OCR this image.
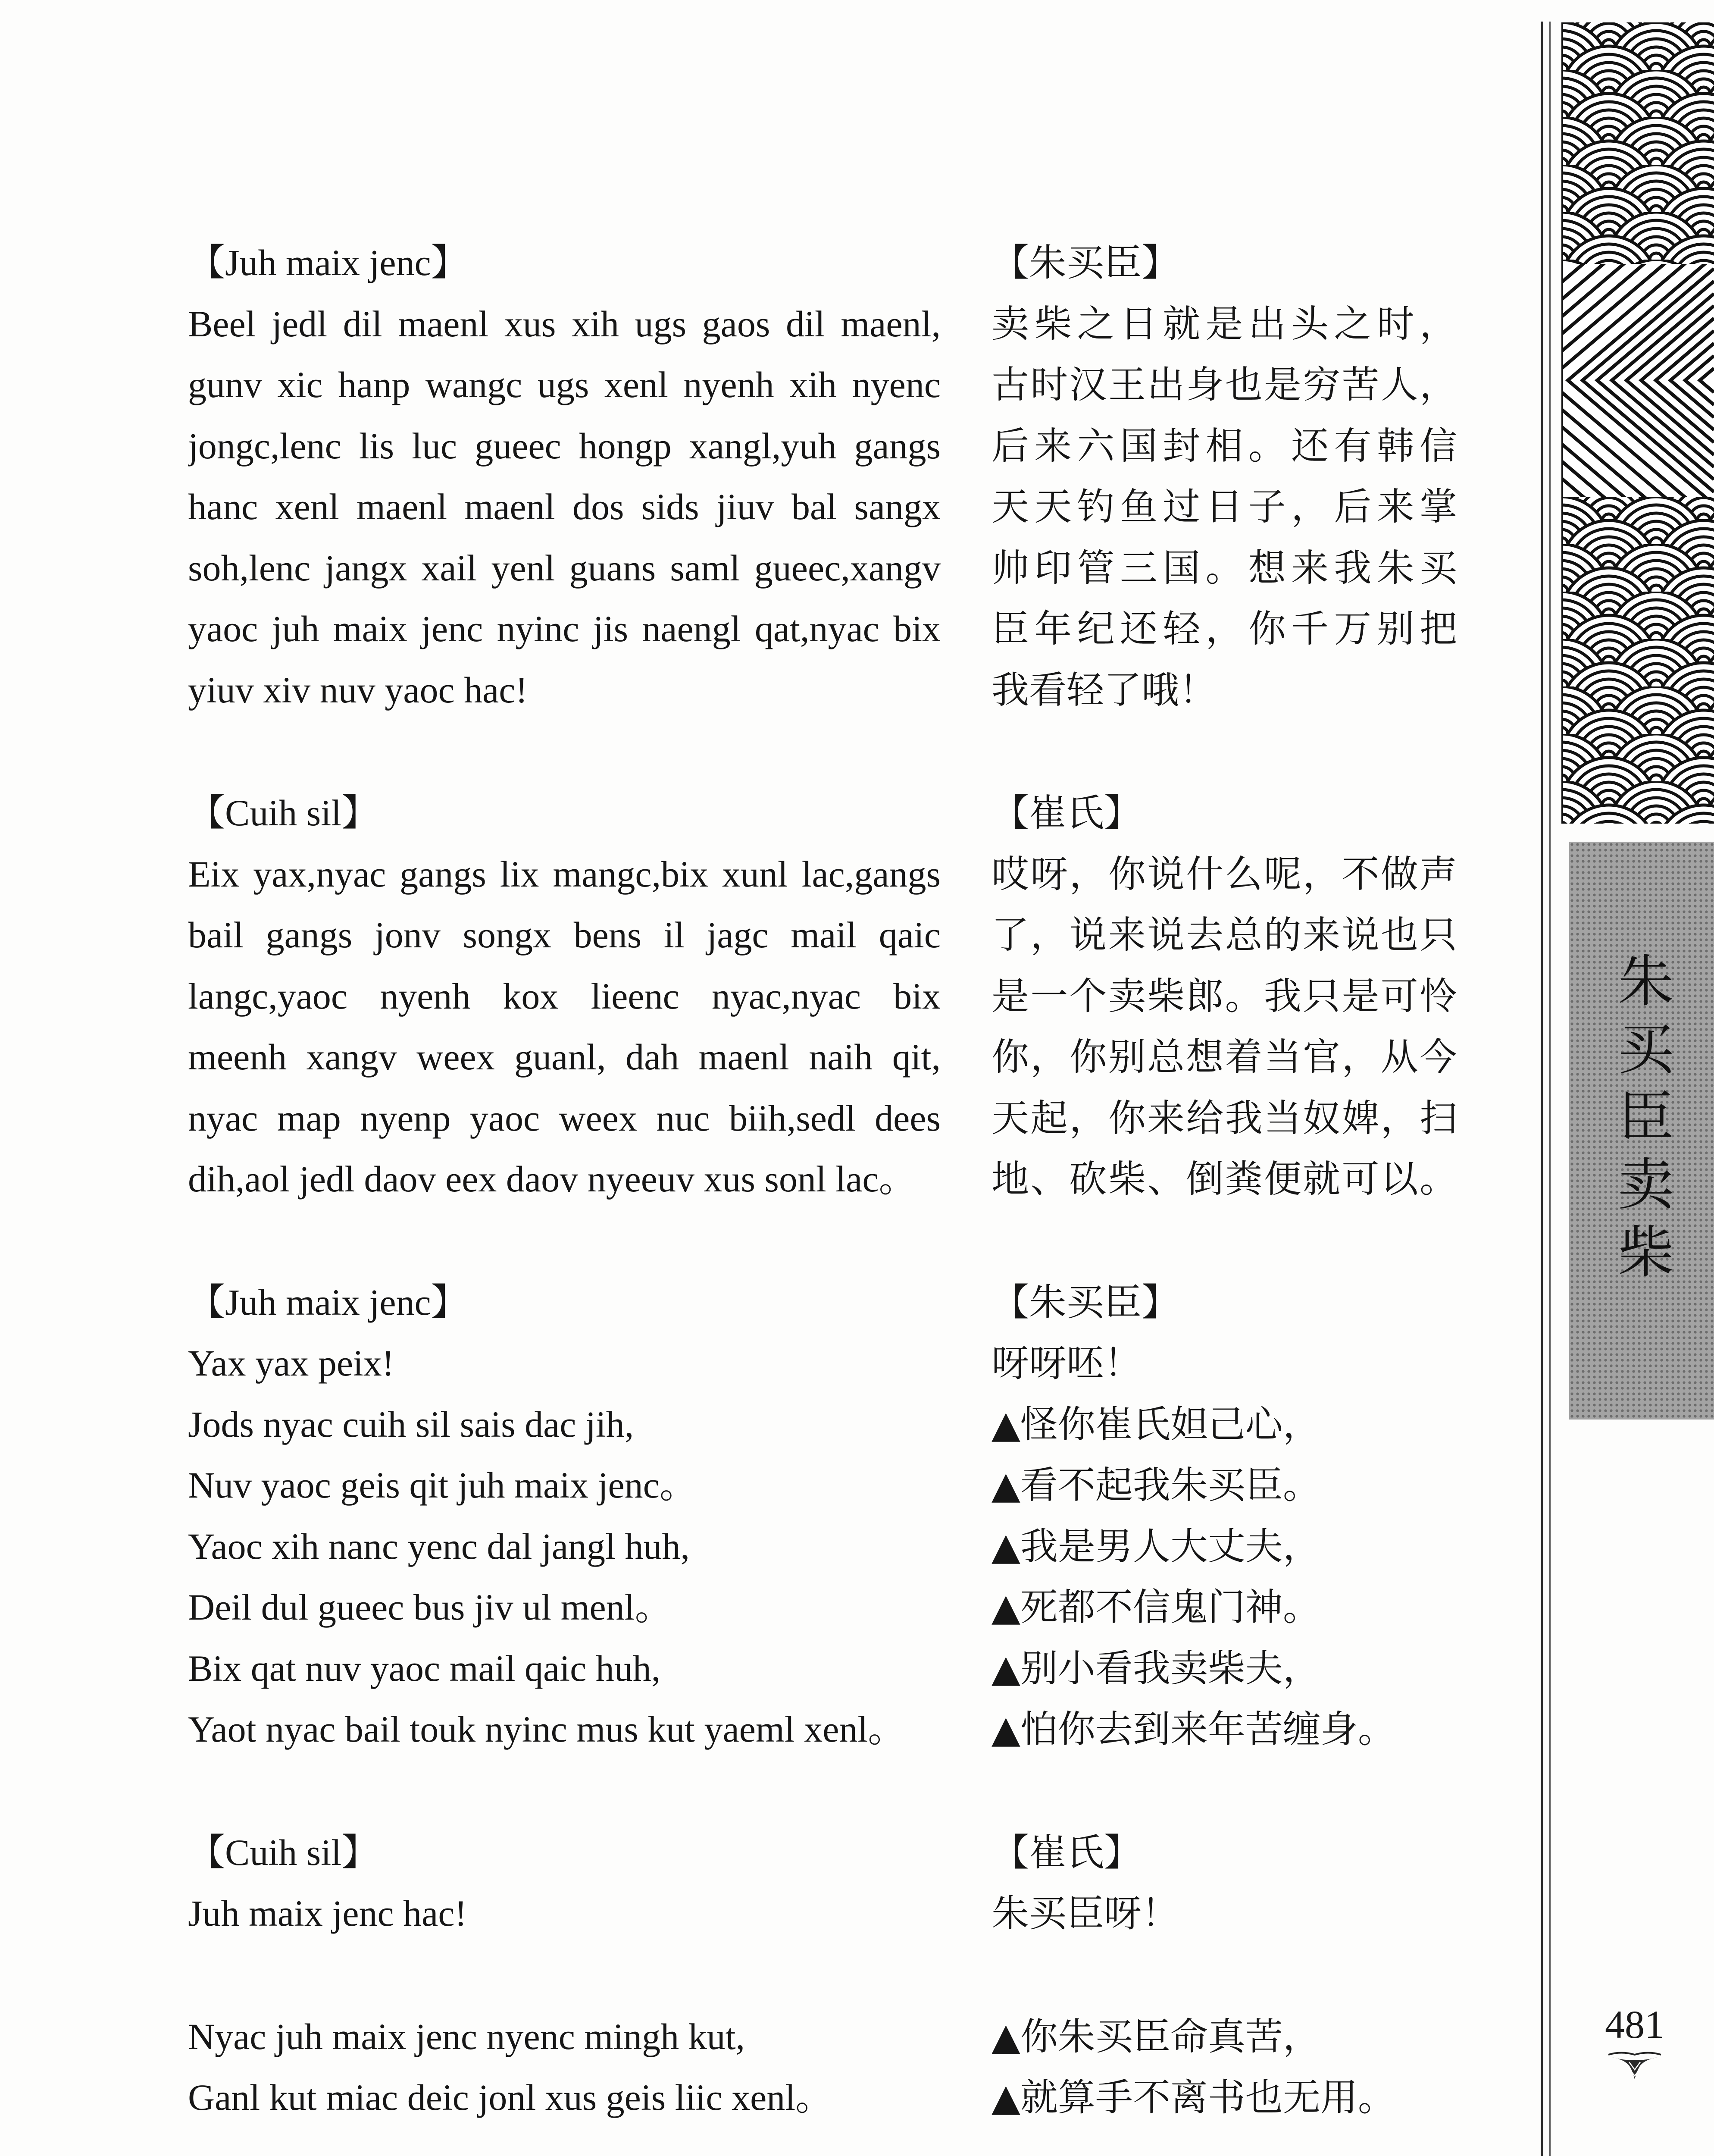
【Juh maix jenc】
Beel jedl dil maenl xus xih ugs gaos dil maenl,
gunv xic hanp wangc ugs xenl nyenh xih nyenc
jongc,lenc lis luc gueec hongp xangl,yuh gangs
hanc xenl maenl maenl dos sids jiuv bal sangx
soh,lenc jangx xail yenl guans saml gueec,xangv
yaoc juh maix jenc nyinc jis naengl qat,nyac bix
yiuv xiv nuv yaoc hac!
【朱买臣】
卖柴之日就是出头之时，
古时汉王出身也是穷苦人，
后来六国封相。还有韩信
天天钓鱼过日子，后来掌
帅印管三国。想来我朱买
臣年纪还轻，你千万别把
我看轻了哦！
【Cuih sil】
Eix yax,nyac gangs lix mangc,bix xunl lac,gangs
bail gangs jonv songx bens il jagc mail qaic
langc,yaoc nyenh kox lieenc nyac,nyac bix
meenh xangv weex guanl, dah maenl naih qit,
nyac map nyenp yaoc weex nuc biih,sedl dees
dih,aol jedl daov eex daov nyeeuv xus sonl lac。
【崔氏】
哎呀，你说什么呢，不做声
了，说来说去总的来说也只
是一个卖柴郎。我只是可怜
你，你别总想着当官，从今
天起，你来给我当奴婢，扫
地、砍柴、倒粪便就可以。
【Juh maix jenc】
Yax yax peix!
Jods nyac cuih sil sais dac jih,
Nuv yaoc geis qit juh maix jenc。
Yaoc xih nanc yenc dal jangl huh,
Deil dul gueec bus jiv ul menl。
Bix qat nuv yaoc mail qaic huh,
Yaot nyac bail touk nyinc mus kut yaeml xenl。
【朱买臣】
呀呀呸！
▲怪你崔氏妲己心，
▲看不起我朱买臣。
▲我是男人大丈夫，
▲死都不信鬼门神。
▲别小看我卖柴夫，
▲怕你去到来年苦缠身。
【Cuih sil】
Juh maix jenc hac!
【崔氏】
朱买臣呀！
Nyac juh maix jenc nyenc mingh kut,
Ganl kut miac deic jonl xus geis liic xenl。
▲你朱买臣命真苦，
▲就算手不离书也无用。
朱买臣卖柴
481
